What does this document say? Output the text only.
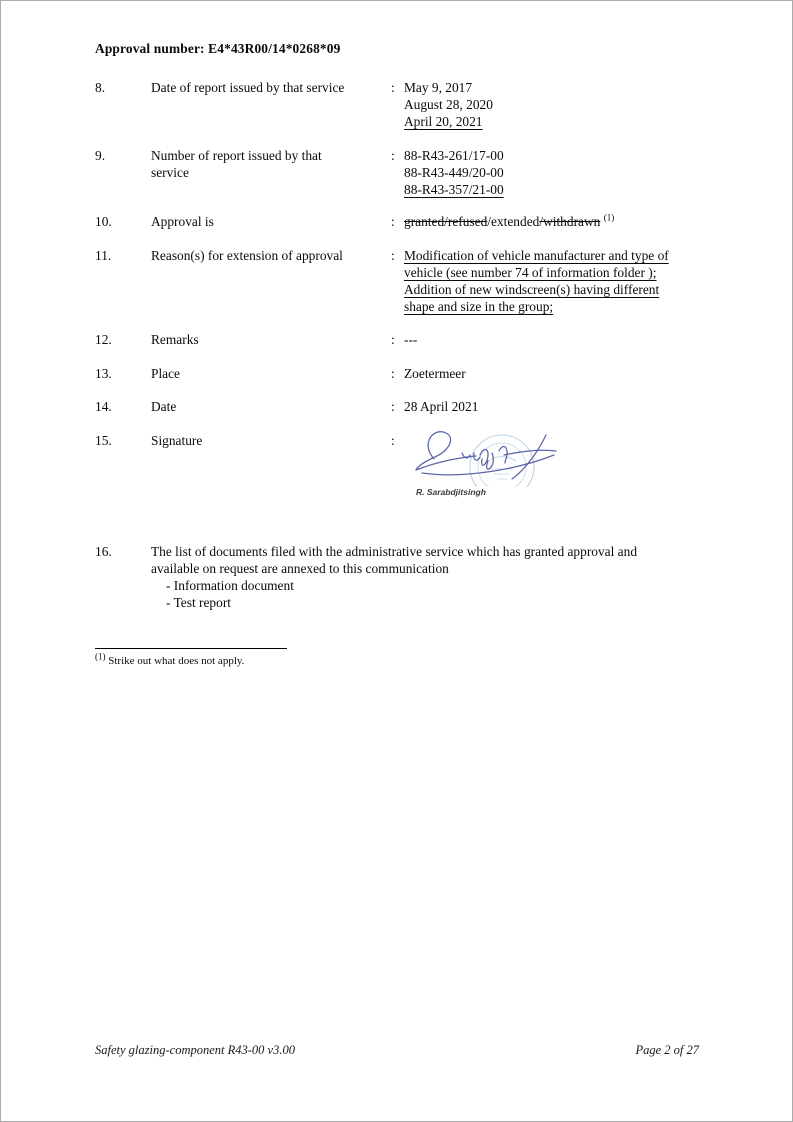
Approval number: E4*43R00/14*0268*09
8.	Date of report issued by that service	: May 9, 2017
August 28, 2020
April 20, 2021
9.	Number of report issued by that
service
: 88-R43-261/17-00
88-R43-449/20-00
88-R43-357/21-00
10.	Approval is	: granted/refused/extended/withdrawn $^{(1)}$
11.	Reason(s) for extension of approval	: Modification of vehicle manufacturer and type of
vehicle (see number 74 of information folder );
Addition of new windscreen(s) having different
shape and size in the group;
12.	Remarks	: ---
13.	Place	: Zoetermeer
14.	Date	: 28 April 2021
15.	Signature	:
R. Sarabdjitsingh
16.	The list of documents filed with the administrative service which has granted approval and
available on request are annexed to this communication
- Information document
- Test report
$^{(1)}$ Strike out what does not apply.
Safety glazing-component R43-00 v3.00	Page 2 of 27
